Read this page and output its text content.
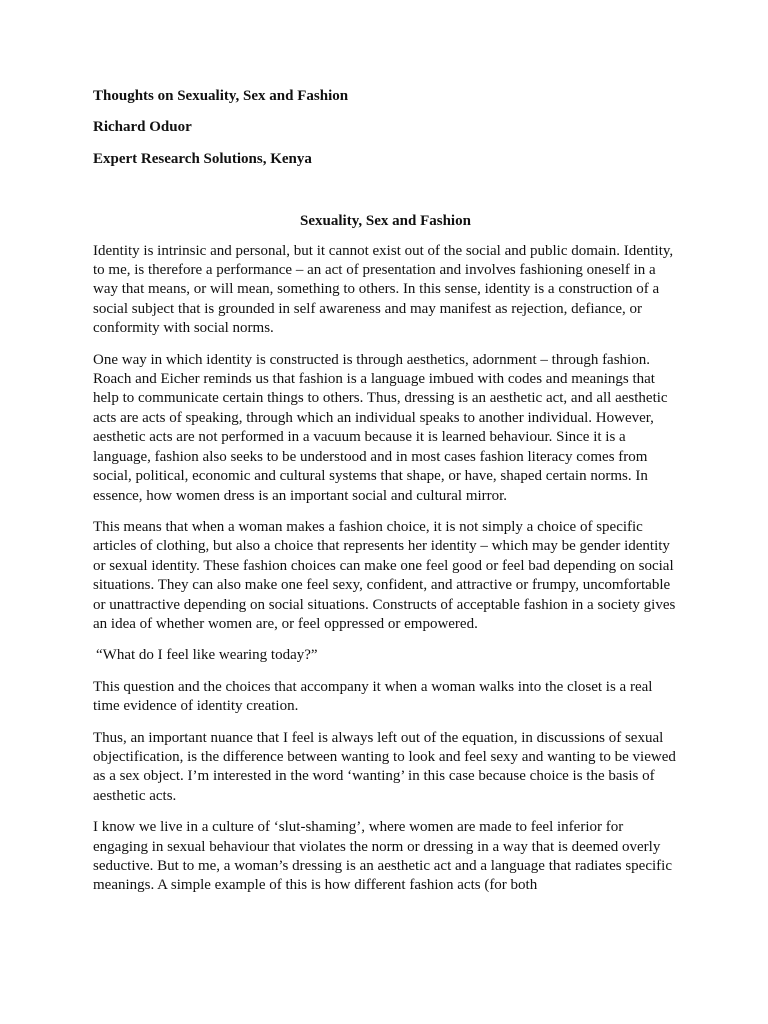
Thoughts on Sexuality, Sex and Fashion
Richard Oduor
Expert Research Solutions, Kenya
Sexuality, Sex and Fashion

Identity is intrinsic and personal, but it cannot exist out of the social and public domain. Identity, to me, is therefore a performance – an act of presentation and involves fashioning oneself in a way that means, or will mean, something to others. In this sense, identity is a construction of a social subject that is grounded in self awareness and may manifest as rejection, defiance, or conformity with social norms.

One way in which identity is constructed is through aesthetics, adornment – through fashion. Roach and Eicher reminds us that fashion is a language imbued with codes and meanings that help to communicate certain things to others. Thus, dressing is an aesthetic act, and all aesthetic acts are acts of speaking, through which an individual speaks to another individual. However, aesthetic acts are not performed in a vacuum because it is learned behaviour. Since it is a language, fashion also seeks to be understood and in most cases fashion literacy comes from social, political, economic and cultural systems that shape, or have, shaped certain norms. In essence, how women dress is an important social and cultural mirror.

This means that when a woman makes a fashion choice, it is not simply a choice of specific articles of clothing, but also a choice that represents her identity – which may be gender identity or sexual identity. These fashion choices can make one feel good or feel bad depending on social situations. They can also make one feel sexy, confident, and attractive or frumpy, uncomfortable or unattractive depending on social situations. Constructs of acceptable fashion in a society gives an idea of whether women are, or feel oppressed or empowered.

“What do I feel like wearing today?”

This question and the choices that accompany it when a woman walks into the closet is a real time evidence of identity creation.

Thus, an important nuance that I feel is always left out of the equation, in discussions of sexual objectification, is the difference between wanting to look and feel sexy and wanting to be viewed as a sex object. I’m interested in the word ‘wanting’ in this case because choice is the basis of aesthetic acts.

I know we live in a culture of ‘slut-shaming’, where women are made to feel inferior for engaging in sexual behaviour that violates the norm or dressing in a way that is deemed overly seductive. But to me, a woman’s dressing is an aesthetic act and a language that radiates specific meanings. A simple example of this is how different fashion acts (for both
